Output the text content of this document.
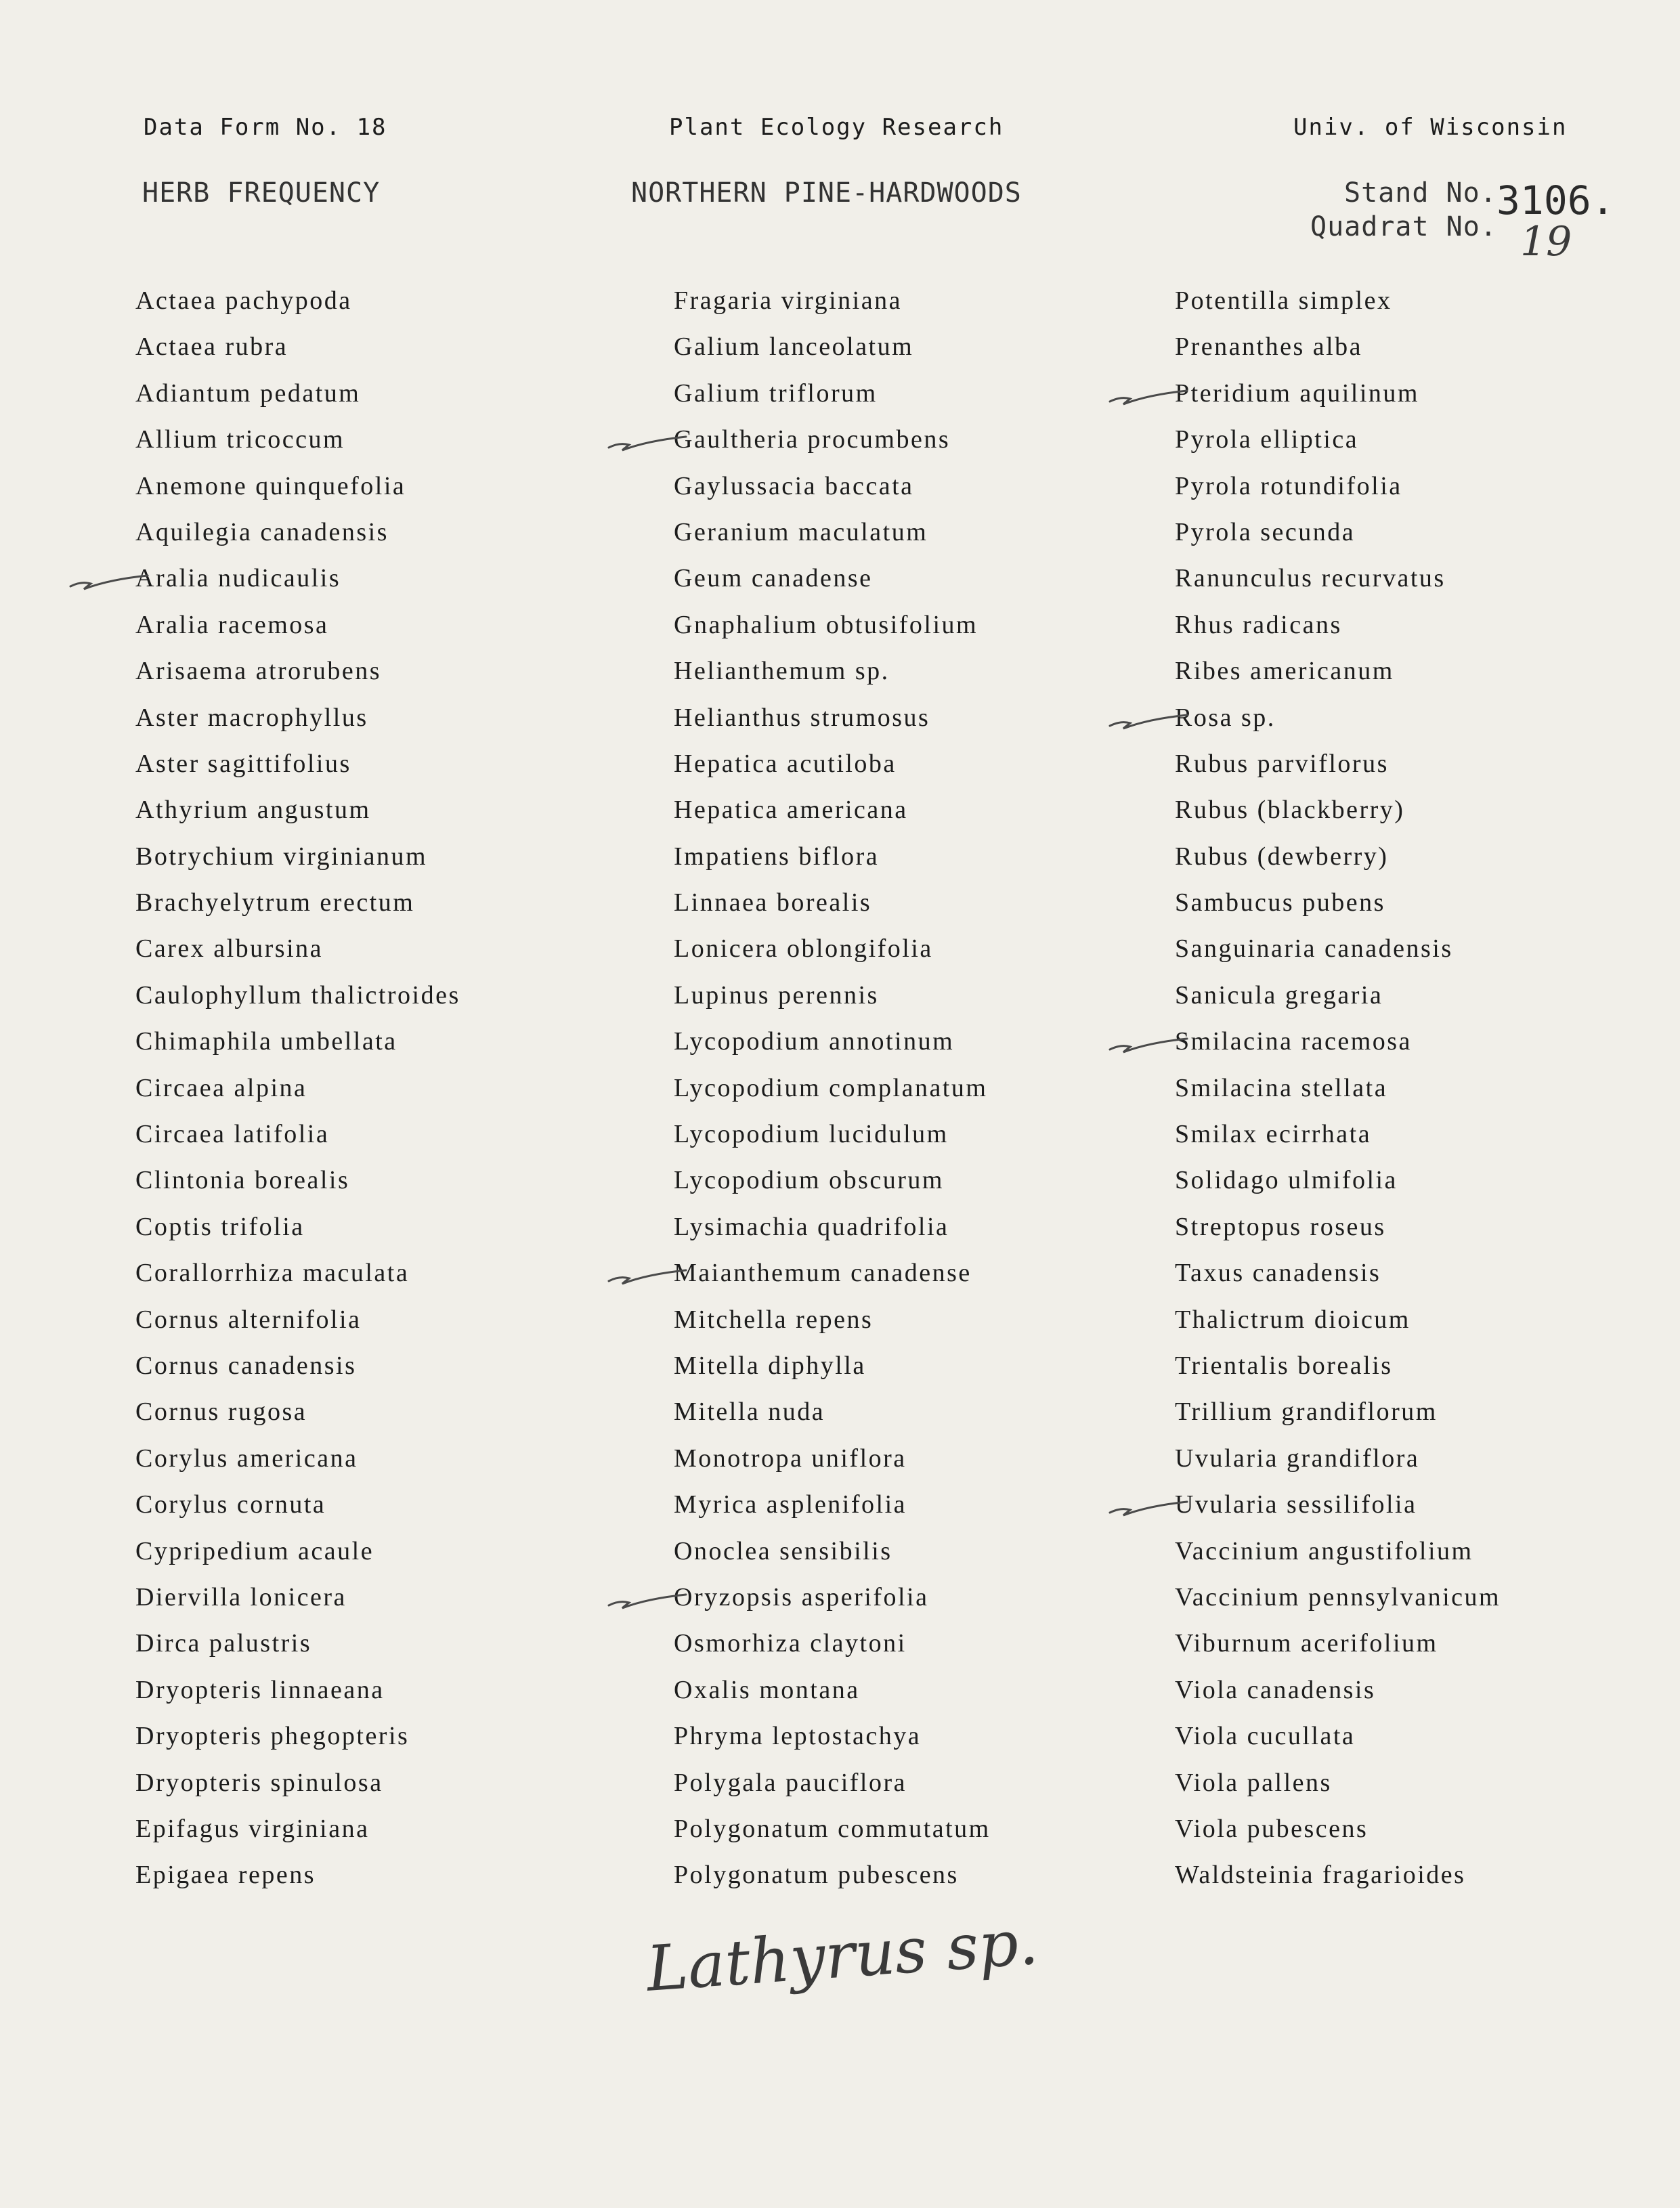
Data Form No. 18	Plant Ecology Research	Univ. of Wisconsin
HERB FREQUENCY	NORTHERN PINE-HARDWOODS	Stand No.
Quadrat No.
3106.
19
Actaea pachypoda
Actaea rubra
Adiantum pedatum
Allium tricoccum
Anemone quinquefolia
Aquilegia canadensis
Aralia nudicaulis
Aralia racemosa
Arisaema atrorubens
Aster macrophyllus
Aster sagittifolius
Athyrium angustum
Botrychium virginianum
Brachyelytrum erectum
Carex albursina
Caulophyllum thalictroides
Chimaphila umbellata
Circaea alpina
Circaea latifolia
Clintonia borealis
Coptis trifolia
Corallorrhiza maculata
Cornus alternifolia
Cornus canadensis
Cornus rugosa
Corylus americana
Corylus cornuta
Cypripedium acaule
Diervilla lonicera
Dirca palustris
Dryopteris linnaeana
Dryopteris phegopteris
Dryopteris spinulosa
Epifagus virginiana
Epigaea repens
Fragaria virginiana
Galium lanceolatum
Galium triflorum
Gaultheria procumbens
Gaylussacia baccata
Geranium maculatum
Geum canadense
Gnaphalium obtusifolium
Helianthemum sp.
Helianthus strumosus
Hepatica acutiloba
Hepatica americana
Impatiens biflora
Linnaea borealis
Lonicera oblongifolia
Lupinus perennis
Lycopodium annotinum
Lycopodium complanatum
Lycopodium lucidulum
Lycopodium obscurum
Lysimachia quadrifolia
Maianthemum canadense
Mitchella repens
Mitella diphylla
Mitella nuda
Monotropa uniflora
Myrica asplenifolia
Onoclea sensibilis
Oryzopsis asperifolia
Osmorhiza claytoni
Oxalis montana
Phryma leptostachya
Polygala pauciflora
Polygonatum commutatum
Polygonatum pubescens
Potentilla simplex
Prenanthes alba
Pteridium aquilinum
Pyrola elliptica
Pyrola rotundifolia
Pyrola secunda
Ranunculus recurvatus
Rhus radicans
Ribes americanum
Rosa sp.
Rubus parviflorus
Rubus (blackberry)
Rubus (dewberry)
Sambucus pubens
Sanguinaria canadensis
Sanicula gregaria
Smilacina racemosa
Smilacina stellata
Smilax ecirrhata
Solidago ulmifolia
Streptopus roseus
Taxus canadensis
Thalictrum dioicum
Trientalis borealis
Trillium grandiflorum
Uvularia grandiflora
Uvularia sessilifolia
Vaccinium angustifolium
Vaccinium pennsylvanicum
Viburnum acerifolium
Viola canadensis
Viola cucullata
Viola pallens
Viola pubescens
Waldsteinia fragarioides
Lathyrus sp.
